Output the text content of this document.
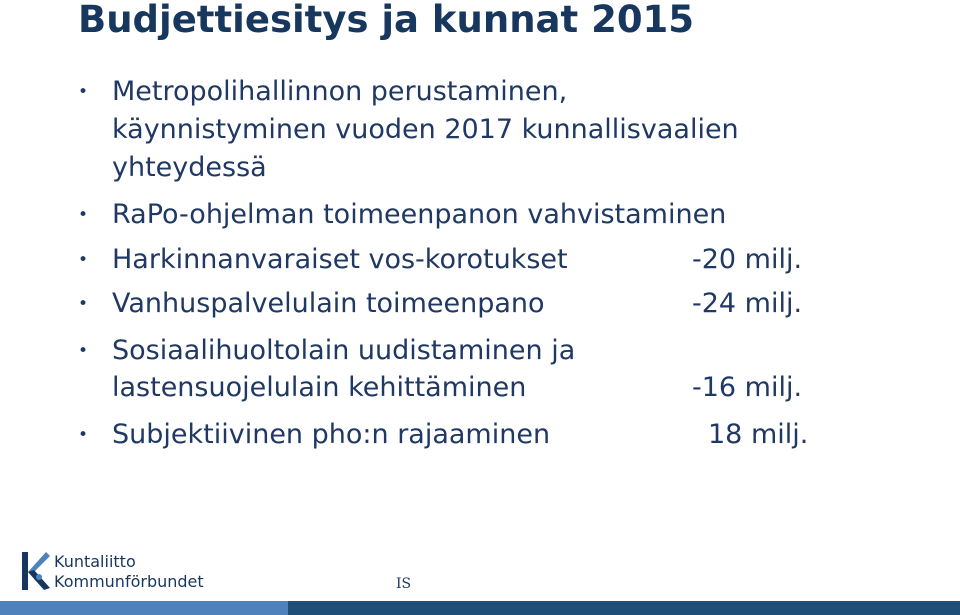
Budjettiesitys ja kunnat 2015
• Metropolihallinnon perustaminen,
käynnistyminen vuoden 2017 kunnallisvaalien
yhteydessä
• RaPo-ohjelman toimeenpanon vahvistaminen
• Harkinnanvaraiset vos-korotukset	-20 milj.
• Vanhuspalvelulain toimeenpano	-24 milj.
• Sosiaalihuoltolain uudistaminen ja
lastensuojelulain kehittäminen	-16 milj.
• Subjektiivinen pho:n rajaaminen	18 milj.
Kuntaliitto
Kommunförbundet	IS
